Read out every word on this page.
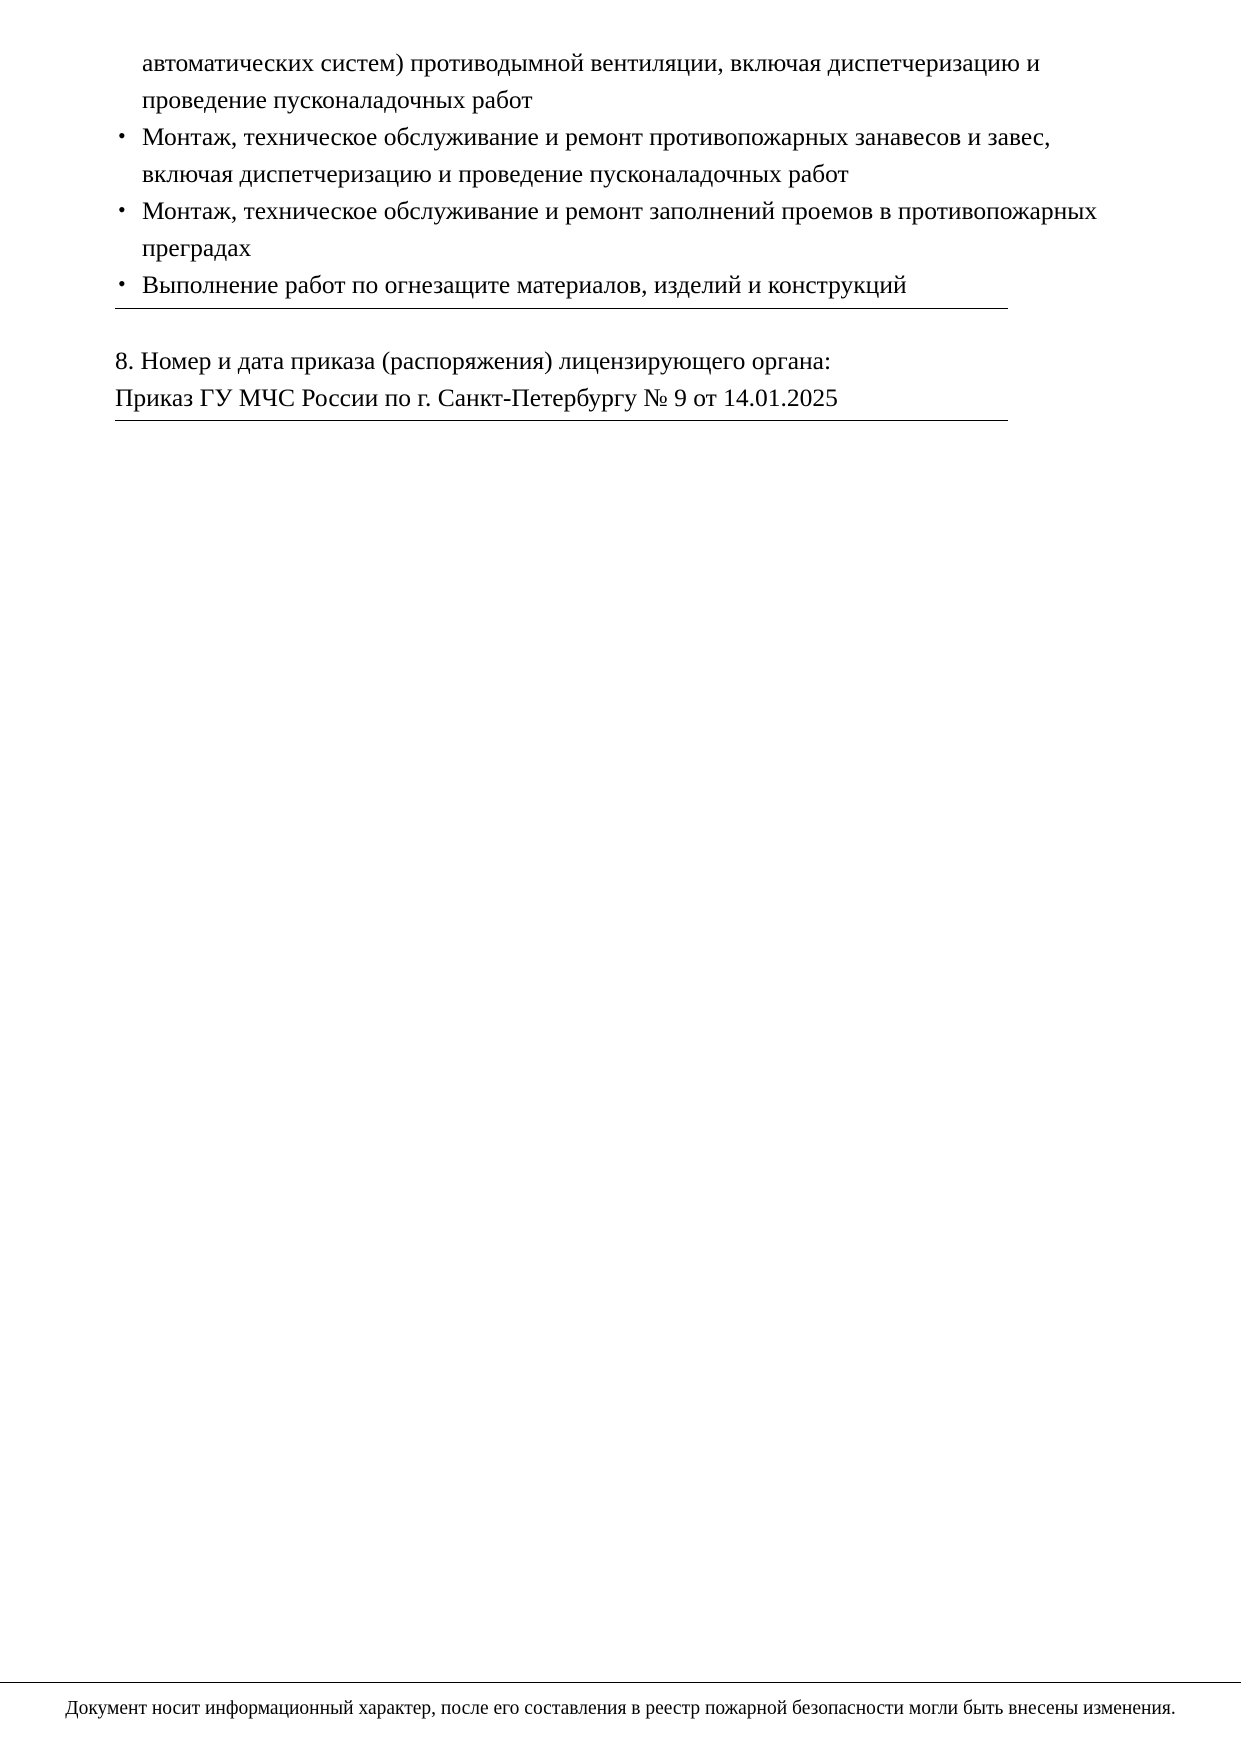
автоматических систем) противодымной вентиляции, включая диспетчеризацию и проведение пусконаладочных работ

• Монтаж, техническое обслуживание и ремонт противопожарных занавесов и завес, включая диспетчеризацию и проведение пусконаладочных работ
• Монтаж, техническое обслуживание и ремонт заполнений проемов в противопожарных преградах
• Выполнение работ по огнезащите материалов, изделий и конструкций

8. Номер и дата приказа (распоряжения) лицензирующего органа:

Приказ ГУ МЧС России по г. Санкт-Петербургу № 9 от 14.01.2025

Документ носит информационный характер, после его составления в реестр пожарной безопасности могли быть внесены изменения.
